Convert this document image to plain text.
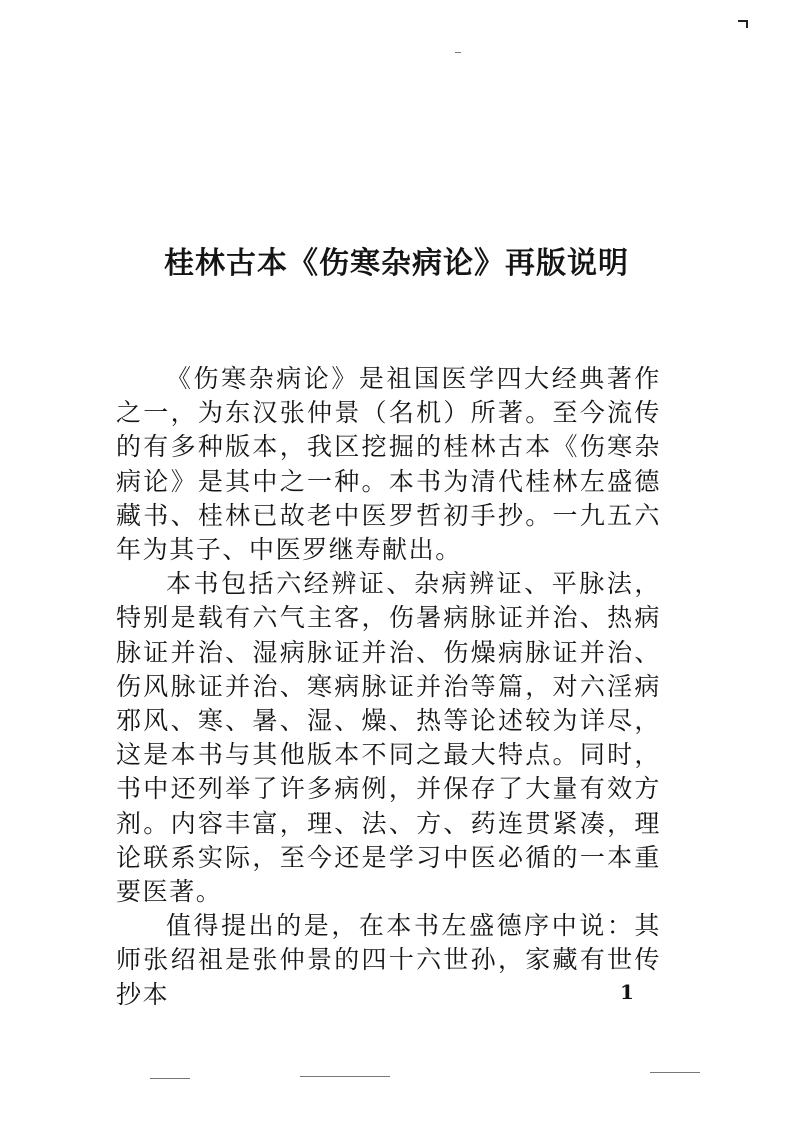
桂林古本《伤寒杂病论》再版说明

《伤寒杂病论》是祖国医学四大经典著作之一，为东汉张仲景（名机）所著。至今流传的有多种版本，我区挖掘的桂林古本《伤寒杂病论》是其中之一种。本书为清代桂林左盛德藏书、桂林已故老中医罗哲初手抄。一九五六年为其子、中医罗继寿献出。

本书包括六经辨证、杂病辨证、平脉法，特别是载有六气主客，伤暑病脉证并治、热病脉证并治、湿病脉证并治、伤燥病脉证并治、伤风脉证并治、寒病脉证并治等篇，对六淫病邪风、寒、暑、湿、燥、热等论述较为详尽，这是本书与其他版本不同之最大特点。同时，书中还列举了许多病例，并保存了大量有效方剂。内容丰富，理、法、方、药连贯紧凑，理论联系实际，至今还是学习中医必循的一本重要医著。

值得提出的是，在本书左盛德序中说：其师张绍祖是张仲景的四十六世孙，家藏有世传抄本	1
